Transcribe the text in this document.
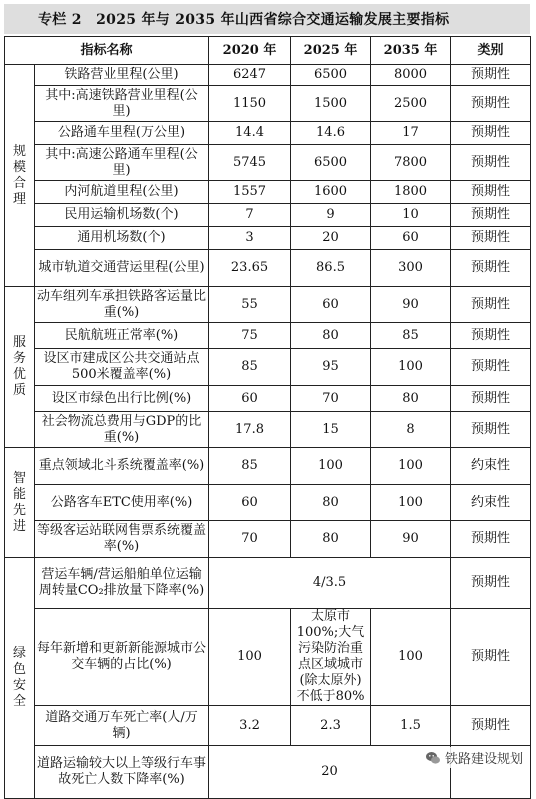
专栏 2　2025 年与 2035 年山西省综合交通运输发展主要指标
指标名称		2020 年	2025 年	2035 年	类别
规模合理	铁路营业里程(公里)	6247	6500	8000	预期性
	其中:高速铁路营业里程(公里)	1150	1500	2500	预期性
	公路通车里程(万公里)	14.4	14.6	17	预期性
	其中:高速公路通车里程(公里)	5745	6500	7800	预期性
	内河航道里程(公里)	1557	1600	1800	预期性
	民用运输机场数(个)	7	9	10	预期性
	通用机场数(个)	3	20	60	预期性
	城市轨道交通营运里程(公里)	23.65	86.5	300	预期性
服务优质	动车组列车承担铁路客运量比重(%)	55	60	90	预期性
	民航航班正常率(%)	75	80	85	预期性
	设区市建成区公共交通站点500米覆盖率(%)	85	95	100	预期性
	设区市绿色出行比例(%)	60	70	80	预期性
	社会物流总费用与GDP的比重(%)	17.8	15	8	预期性
智能先进	重点领域北斗系统覆盖率(%)	85	100	100	约束性
	公路客车ETC使用率(%)	60	80	100	约束性
	等级客运站联网售票系统覆盖率(%)	70	80	90	预期性
绿色安全	营运车辆/营运船舶单位运输周转量CO₂排放量下降率(%)	4/3.5			预期性
	每年新增和更新新能源城市公交车辆的占比(%)	100	太原市100%;大气污染防治重点区域城市(除太原外)不低于80%	100	预期性
	道路交通万车死亡率(人/万辆)	3.2	2.3	1.5	预期性
	道路运输较大以上等级行车事故死亡人数下降率(%)	20			
铁路建设规划
